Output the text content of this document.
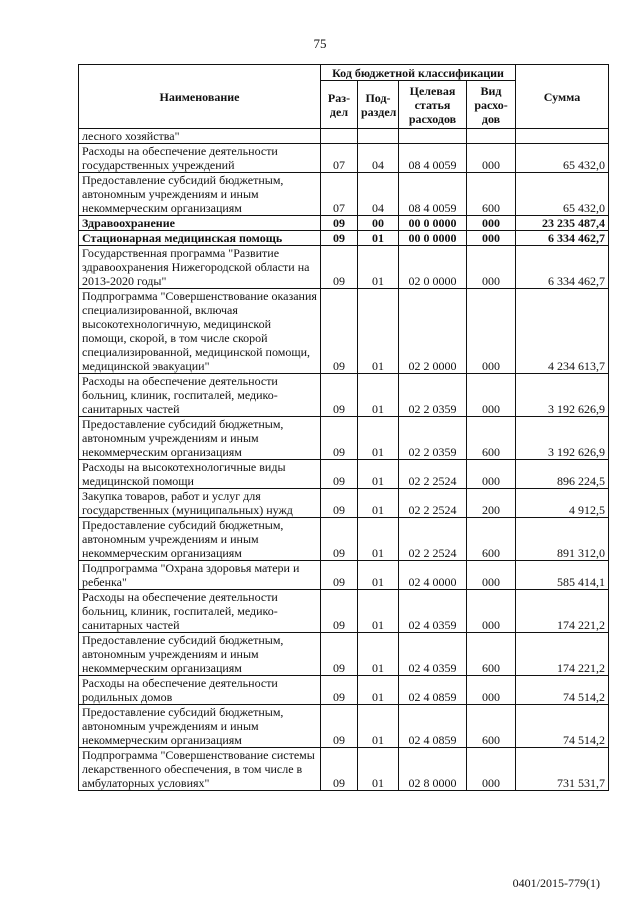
75
Наименование	Код бюджетной классификации				Сумма
	Раз- дел	Под- раздел	Целевая статья расходов	Вид расхо- дов	
лесного хозяйства"					
Расходы на обеспечение деятельности государственных учреждений	07	04	08 4 0059	000	65 432,0
Предоставление субсидий бюджетным, автономным учреждениям и иным некоммерческим организациям	07	04	08 4 0059	600	65 432,0
Здравоохранение	09	00	00 0 0000	000	23 235 487,4
Стационарная медицинская помощь	09	01	00 0 0000	000	6 334 462,7
Государственная программа "Развитие здравоохранения Нижегородской области на 2013-2020 годы"	09	01	02 0 0000	000	6 334 462,7
Подпрограмма "Совершенствование оказания специализированной, включая высокотехнологичную, медицинской помощи, скорой, в том числе скорой специализированной, медицинской помощи, медицинской эвакуации"	09	01	02 2 0000	000	4 234 613,7
Расходы на обеспечение деятельности больниц, клиник, госпиталей, медико-санитарных частей	09	01	02 2 0359	000	3 192 626,9
Предоставление субсидий бюджетным, автономным учреждениям и иным некоммерческим организациям	09	01	02 2 0359	600	3 192 626,9
Расходы на высокотехнологичные виды медицинской помощи	09	01	02 2 2524	000	896 224,5
Закупка товаров, работ и услуг для государственных (муниципальных) нужд	09	01	02 2 2524	200	4 912,5
Предоставление субсидий бюджетным, автономным учреждениям и иным некоммерческим организациям	09	01	02 2 2524	600	891 312,0
Подпрограмма "Охрана здоровья матери и ребенка"	09	01	02 4 0000	000	585 414,1
Расходы на обеспечение деятельности больниц, клиник, госпиталей, медико-санитарных частей	09	01	02 4 0359	000	174 221,2
Предоставление субсидий бюджетным, автономным учреждениям и иным некоммерческим организациям	09	01	02 4 0359	600	174 221,2
Расходы на обеспечение деятельности родильных домов	09	01	02 4 0859	000	74 514,2
Предоставление субсидий бюджетным, автономным учреждениям и иным некоммерческим организациям	09	01	02 4 0859	600	74 514,2
Подпрограмма "Совершенствование системы лекарственного обеспечения, в том числе в амбулаторных условиях"	09	01	02 8 0000	000	731 531,7
0401/2015-779(1)
